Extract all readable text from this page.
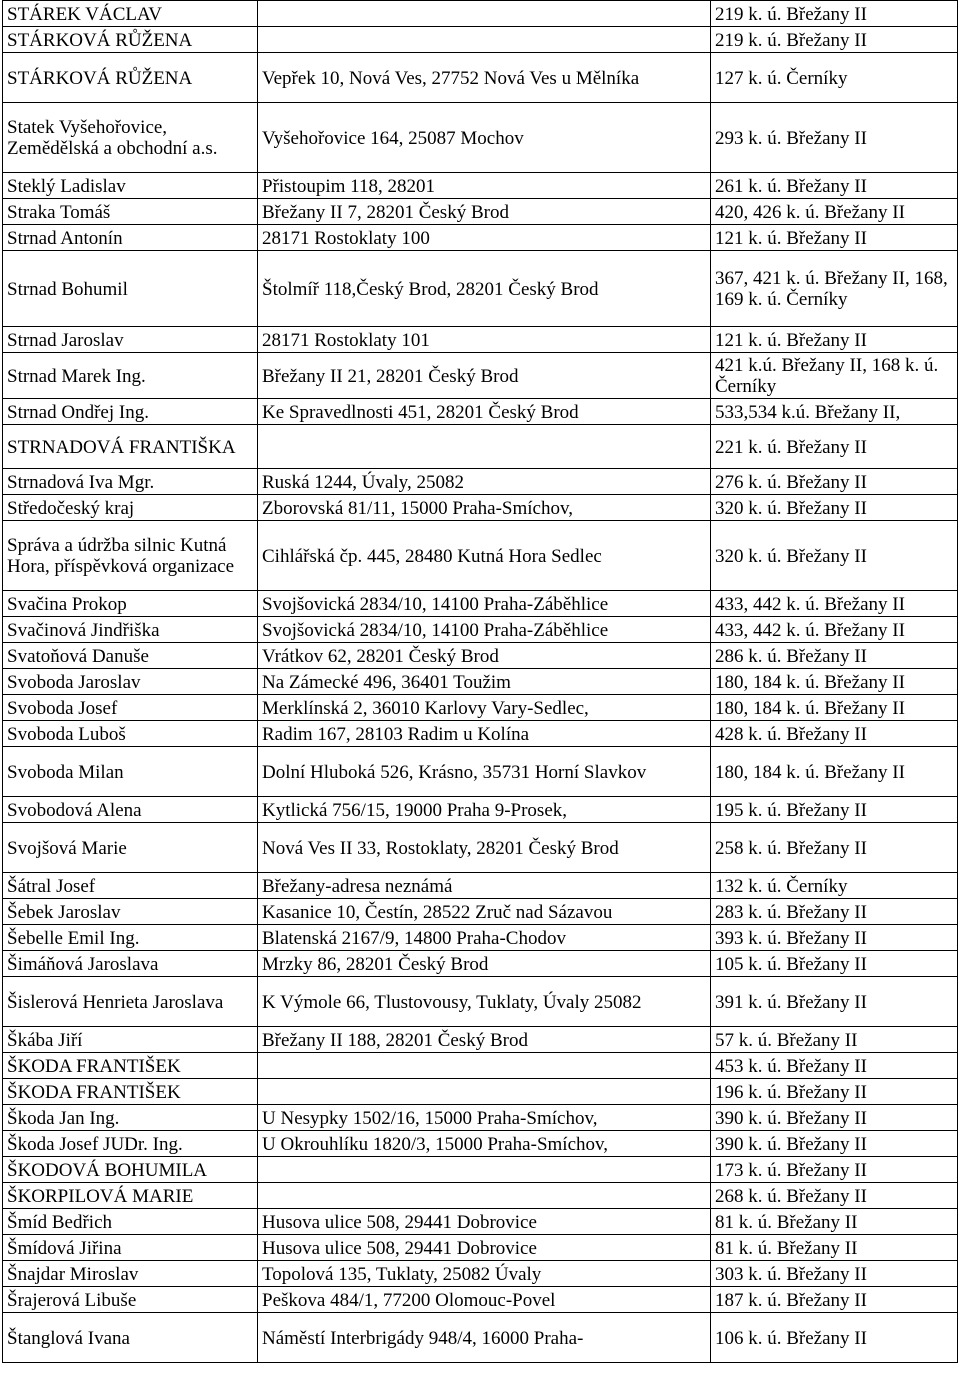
STÁREK VÁCLAV		219 k. ú. Břežany II
STÁRKOVÁ RŮŽENA		219 k. ú. Břežany II
STÁRKOVÁ RŮŽENA	Vepřek 10, Nová Ves, 27752 Nová Ves u Mělníka	127 k. ú. Černíky
Statek Vyšehořovice, Zemědělská a obchodní a.s.	Vyšehořovice 164, 25087 Mochov	293 k. ú. Břežany II
Steklý Ladislav	Přistoupim 118, 28201	261 k. ú. Břežany II
Straka Tomáš	Břežany II 7, 28201 Český Brod	420, 426 k. ú. Břežany II
Strnad Antonín	28171 Rostoklaty 100	121 k. ú. Břežany II
Strnad Bohumil	Štolmíř 118,Český Brod, 28201 Český Brod	367, 421 k. ú. Břežany II, 168, 169 k. ú. Černíky
Strnad Jaroslav	28171 Rostoklaty 101	121 k. ú. Břežany II
Strnad Marek Ing.	Břežany II 21, 28201 Český Brod	421 k.ú. Břežany II, 168 k. ú. Černíky
Strnad Ondřej Ing.	Ke Spravedlnosti 451, 28201 Český Brod	533,534 k.ú. Břežany II,
STRNADOVÁ FRANTIŠKA		221 k. ú. Břežany II
Strnadová Iva Mgr.	Ruská 1244, Úvaly, 25082	276 k. ú. Břežany II
Středočeský kraj	Zborovská 81/11, 15000 Praha-Smíchov,	320 k. ú. Břežany II
Správa a údržba silnic Kutná Hora, příspěvková organizace	Cihlářská čp. 445, 28480 Kutná Hora Sedlec	320 k. ú. Břežany II
Svačina Prokop	Svojšovická 2834/10, 14100 Praha-Záběhlice	433, 442 k. ú. Břežany II
Svačinová Jindřiška	Svojšovická 2834/10, 14100 Praha-Záběhlice	433, 442 k. ú. Břežany II
Svatoňová Danuše	Vrátkov 62, 28201 Český Brod	286 k. ú. Břežany II
Svoboda Jaroslav	Na Zámecké 496, 36401 Toužim	180, 184 k. ú. Břežany II
Svoboda Josef	Merklínská 2, 36010 Karlovy Vary-Sedlec,	180, 184 k. ú. Břežany II
Svoboda Luboš	Radim 167, 28103 Radim u Kolína	428 k. ú. Břežany II
Svoboda Milan	Dolní Hluboká 526, Krásno, 35731 Horní Slavkov	180, 184 k. ú. Břežany II
Svobodová Alena	Kytlická 756/15, 19000 Praha 9-Prosek,	195 k. ú. Břežany II
Svojšová Marie	Nová Ves II 33, Rostoklaty, 28201 Český Brod	258 k. ú. Břežany II
Šátral Josef	Břežany-adresa neznámá	132 k. ú. Černíky
Šebek Jaroslav	Kasanice 10, Čestín, 28522 Zruč nad Sázavou	283 k. ú. Břežany II
Šebelle Emil Ing.	Blatenská 2167/9, 14800 Praha-Chodov	393 k. ú. Břežany II
Šimáňová Jaroslava	Mrzky 86, 28201 Český Brod	105 k. ú. Břežany II
Šislerová Henrieta Jaroslava	K Výmole 66, Tlustovousy, Tuklaty, Úvaly 25082	391 k. ú. Břežany II
Škába Jiří	Břežany II 188, 28201 Český Brod	57 k. ú. Břežany II
ŠKODA FRANTIŠEK		453 k. ú. Břežany II
ŠKODA FRANTIŠEK		196 k. ú. Břežany II
Škoda Jan Ing.	U Nesypky 1502/16, 15000 Praha-Smíchov,	390 k. ú. Břežany II
Škoda Josef JUDr. Ing.	U Okrouhlíku 1820/3, 15000 Praha-Smíchov,	390 k. ú. Břežany II
ŠKODOVÁ BOHUMILA		173 k. ú. Břežany II
ŠKORPILOVÁ MARIE		268 k. ú. Břežany II
Šmíd Bedřich	Husova ulice 508, 29441 Dobrovice	81 k. ú. Břežany II
Šmídová Jiřina	Husova ulice 508, 29441 Dobrovice	81 k. ú. Břežany II
Šnajdar Miroslav	Topolová 135, Tuklaty, 25082 Úvaly	303 k. ú. Břežany II
Šrajerová Libuše	Peškova 484/1, 77200 Olomouc-Povel	187 k. ú. Břežany II
Štanglová Ivana	Náměstí Interbrigády 948/4, 16000 Praha-	106 k. ú. Břežany II
